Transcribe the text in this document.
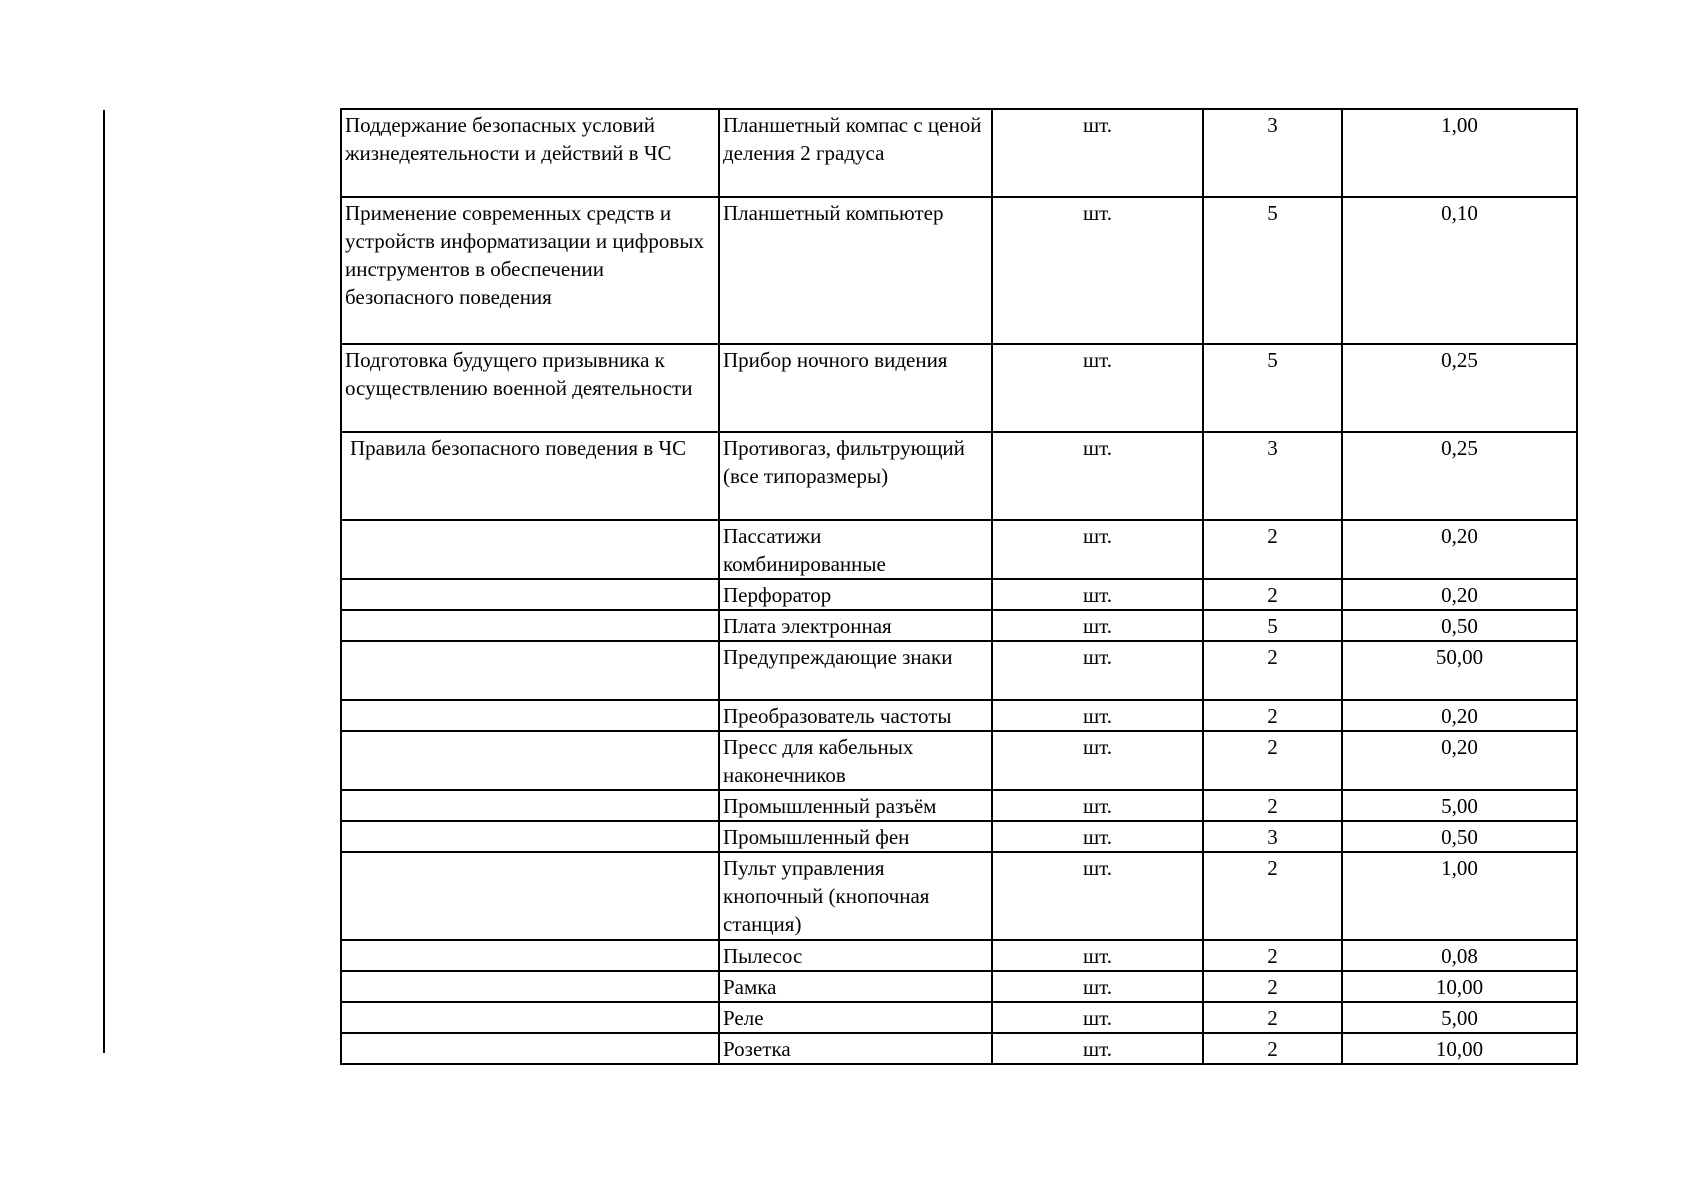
Поддержание безопасных условий жизнедеятельности и действий в ЧС	Планшетный компас с ценой деления 2 градуса	шт.	3	1,00
Применение современных средств и устройств информатизации и цифровых инструментов в обеспечении безопасного поведения	Планшетный компьютер	шт.	5	0,10
Подготовка будущего призывника к осуществлению военной деятельности	Прибор ночного видения	шт.	5	0,25
Правила безопасного поведения в ЧС	Противогаз, фильтрующий (все типоразмеры)	шт.	3	0,25
	Пассатижи комбинированные	шт.	2	0,20
	Перфоратор	шт.	2	0,20
	Плата электронная	шт.	5	0,50
	Предупреждающие знаки	шт.	2	50,00
	Преобразователь частоты	шт.	2	0,20
	Пресс для кабельных наконечников	шт.	2	0,20
	Промышленный разъём	шт.	2	5,00
	Промышленный фен	шт.	3	0,50
	Пульт управления кнопочный (кнопочная станция)	шт.	2	1,00
	Пылесос	шт.	2	0,08
	Рамка	шт.	2	10,00
	Реле	шт.	2	5,00
	Розетка	шт.	2	10,00
